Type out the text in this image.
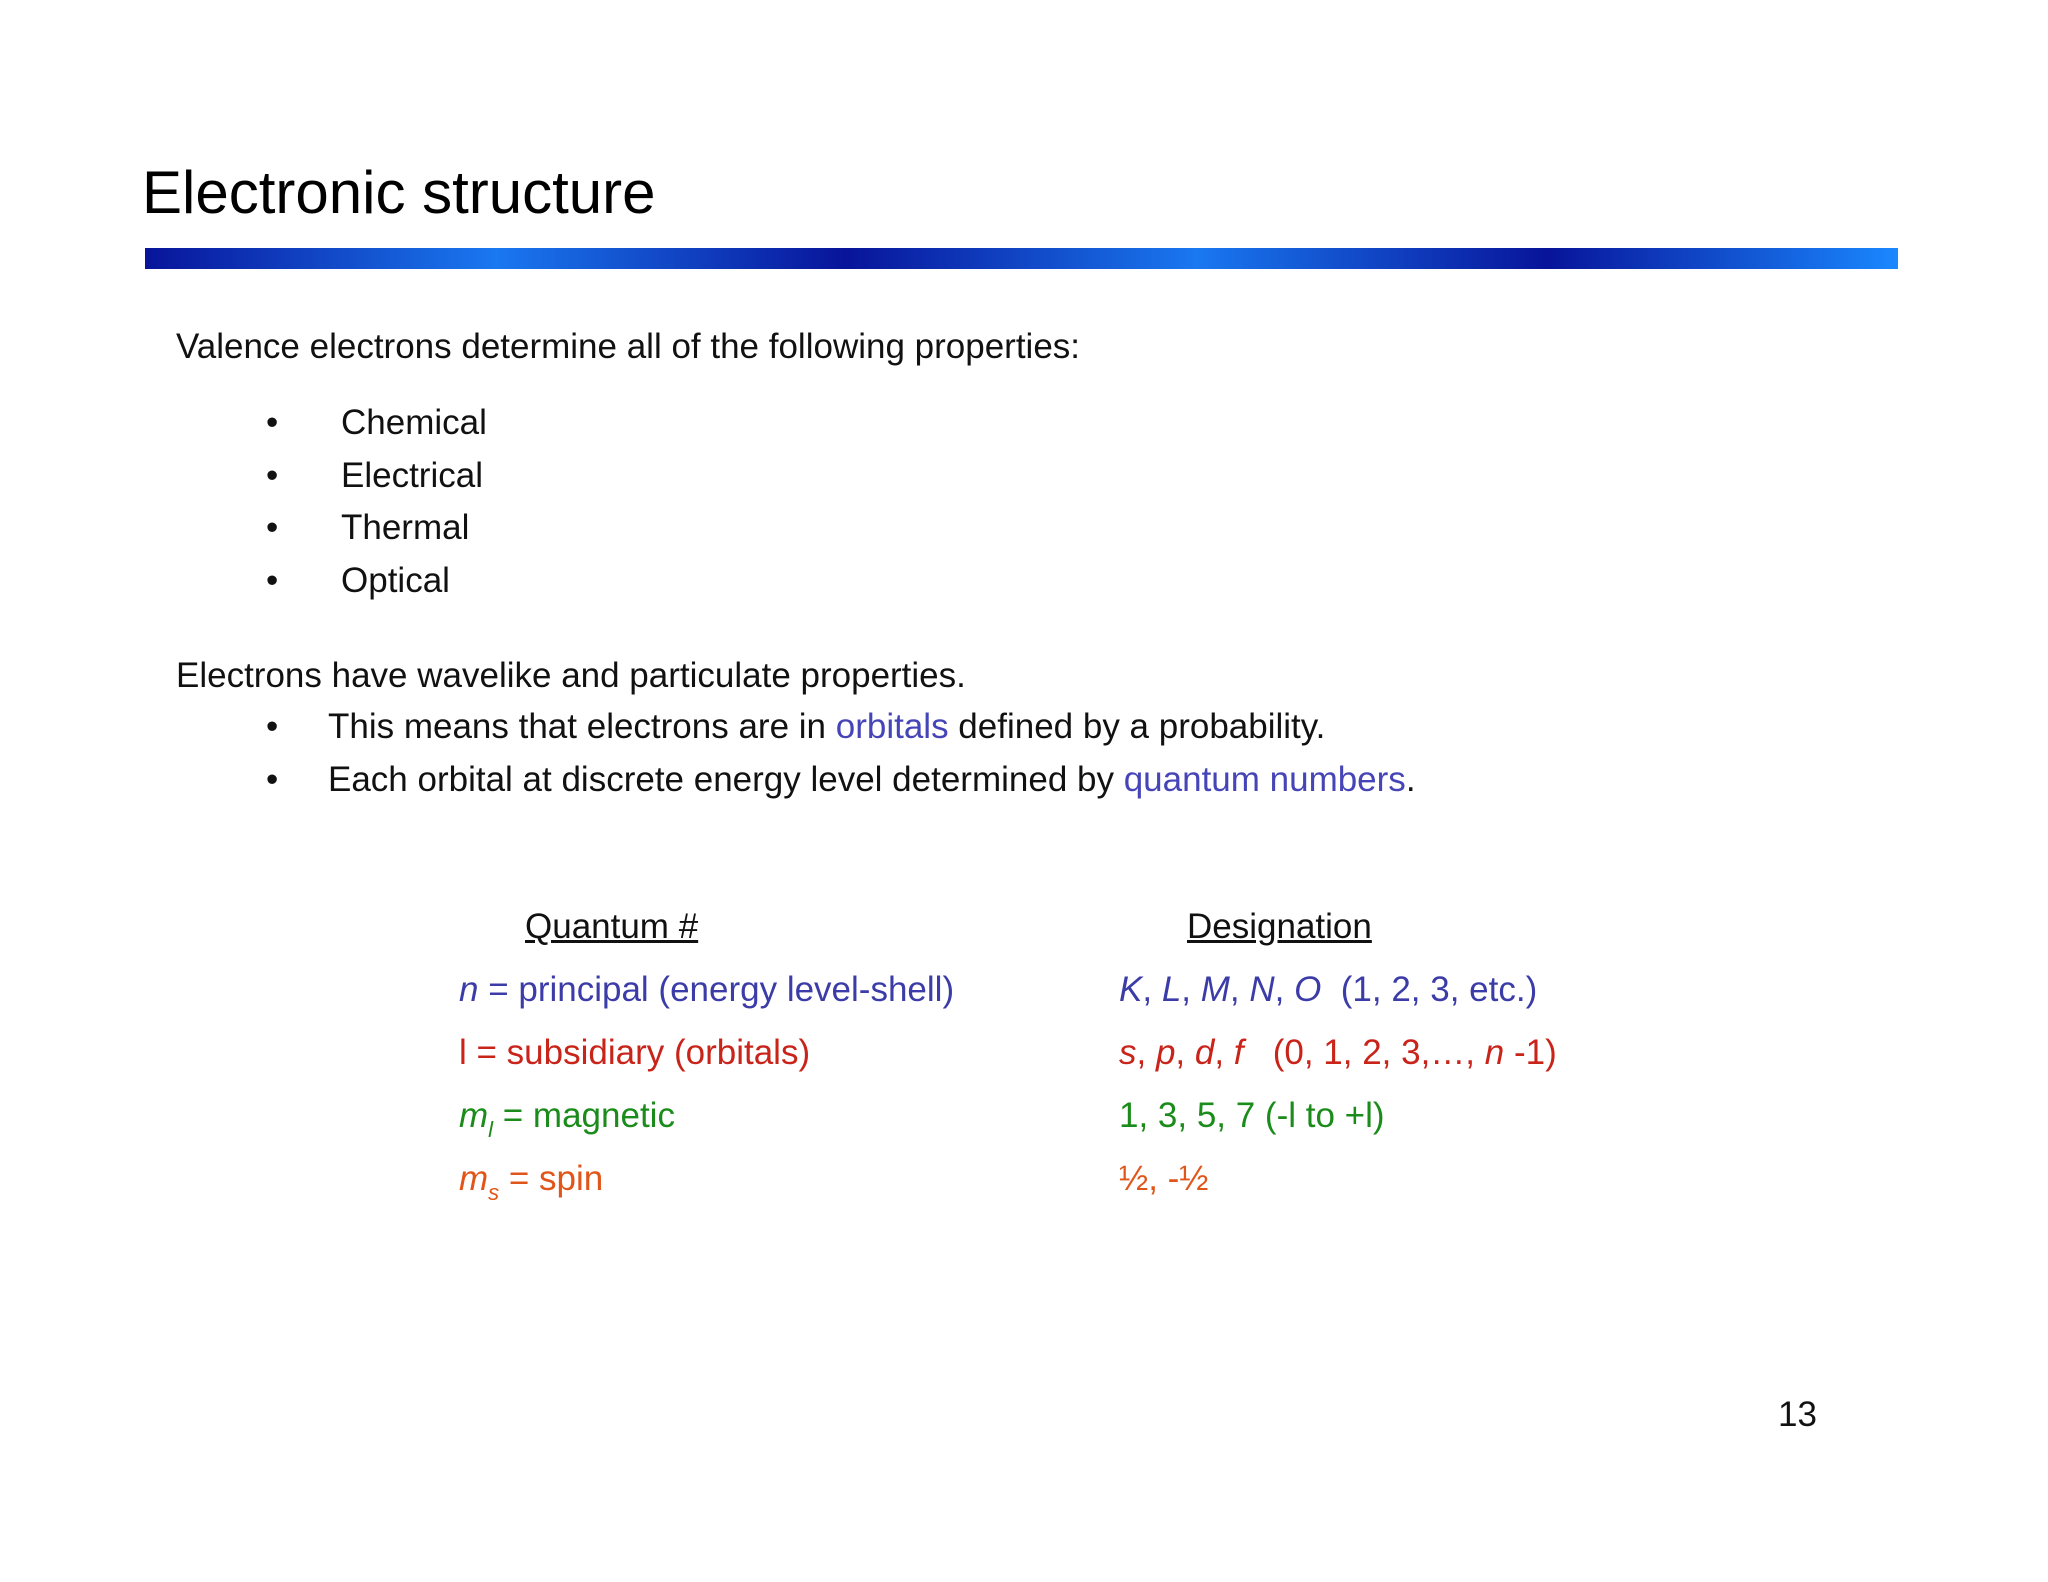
Electronic structure
Valence electrons determine all of the following properties:
• Chemical
• Electrical
• Thermal
• Optical
Electrons have wavelike and particulate properties.
• This means that electrons are in orbitals defined by a probability.
• Each orbital at discrete energy level determined by quantum numbers.
Quantum #	Designation
n = principal (energy level-shell)	K, L, M, N, O (1, 2, 3, etc.)
l = subsidiary (orbitals)	s, p, d, f (0, 1, 2, 3,…, n -1)
$m_l$ = magnetic	1, 3, 5, 7 (-l to +l)
$m_s$ = spin	½, -½
13
